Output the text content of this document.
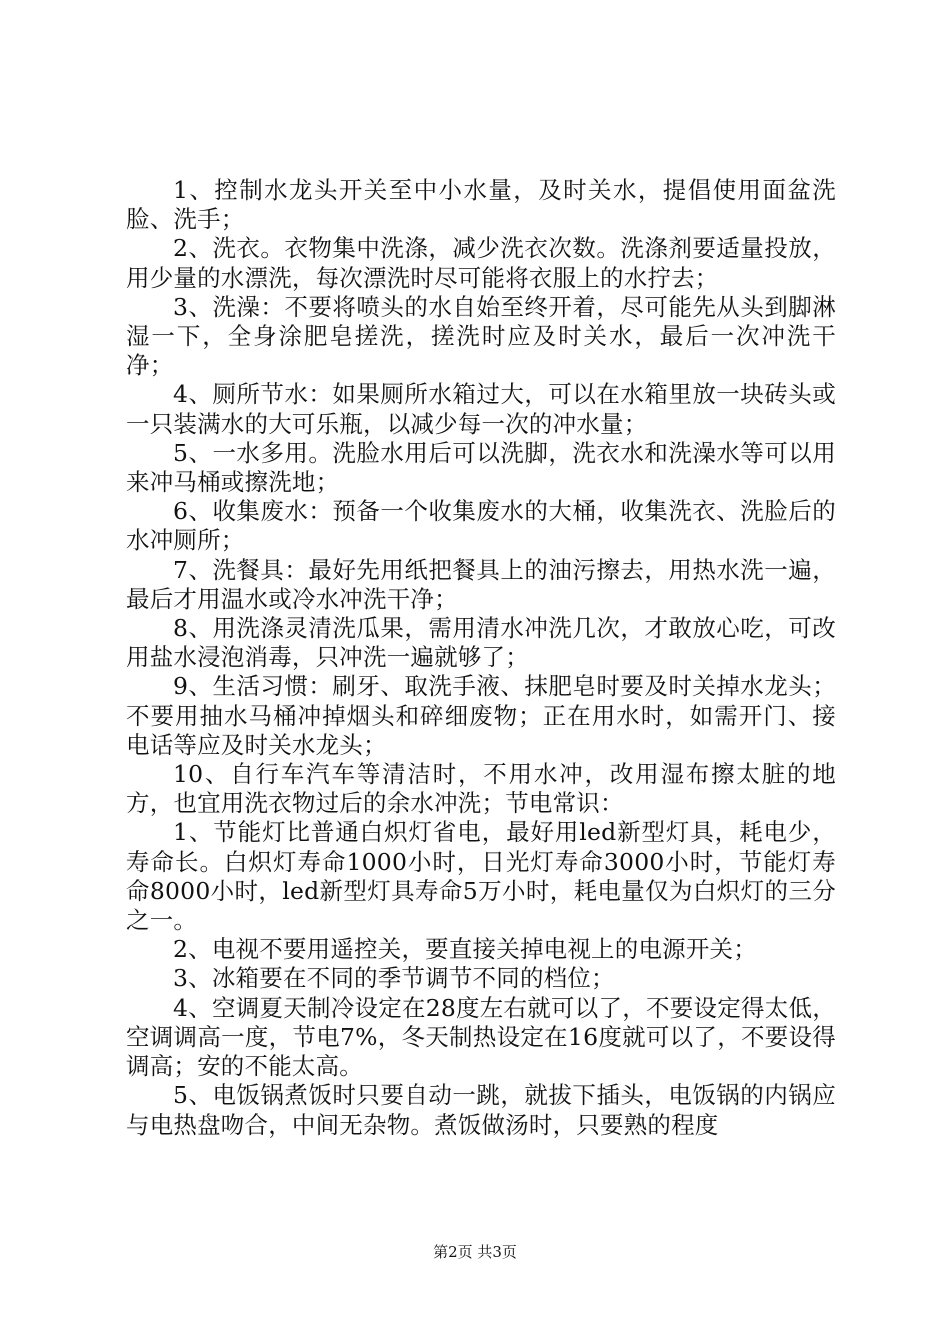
1、控制水龙头开关至中小水量，及时关水，提倡使用面盆洗脸、洗手；

2、洗衣。衣物集中洗涤，减少洗衣次数。洗涤剂要适量投放，用少量的水漂洗，每次漂洗时尽可能将衣服上的水拧去；

3、洗澡：不要将喷头的水自始至终开着，尽可能先从头到脚淋湿一下，全身涂肥皂搓洗，搓洗时应及时关水，最后一次冲洗干净；

4、厕所节水：如果厕所水箱过大，可以在水箱里放一块砖头或一只装满水的大可乐瓶，以减少每一次的冲水量；

5、一水多用。洗脸水用后可以洗脚，洗衣水和洗澡水等可以用来冲马桶或擦洗地；

6、收集废水：预备一个收集废水的大桶，收集洗衣、洗脸后的水冲厕所；

7、洗餐具：最好先用纸把餐具上的油污擦去，用热水洗一遍，最后才用温水或冷水冲洗干净；

8、用洗涤灵清洗瓜果，需用清水冲洗几次，才敢放心吃，可改用盐水浸泡消毒，只冲洗一遍就够了；

9、生活习惯：刷牙、取洗手液、抹肥皂时要及时关掉水龙头；不要用抽水马桶冲掉烟头和碎细废物；正在用水时，如需开门、接电话等应及时关水龙头；

10、自行车汽车等清洁时，不用水冲，改用湿布擦太脏的地方，也宜用洗衣物过后的余水冲洗；节电常识：

1、节能灯比普通白炽灯省电，最好用led新型灯具，耗电少，寿命长。白炽灯寿命1000小时，日光灯寿命3000小时，节能灯寿命8000小时，led新型灯具寿命5万小时，耗电量仅为白炽灯的三分之一。

2、电视不要用遥控关，要直接关掉电视上的电源开关；

3、冰箱要在不同的季节调节不同的档位；

4、空调夏天制冷设定在28度左右就可以了，不要设定得太低，空调调高一度，节电7%，冬天制热设定在16度就可以了，不要设得调高；安的不能太高。

5、电饭锅煮饭时只要自动一跳，就拔下插头，电饭锅的内锅应与电热盘吻合，中间无杂物。煮饭做汤时，只要熟的程度

第2页 共3页
